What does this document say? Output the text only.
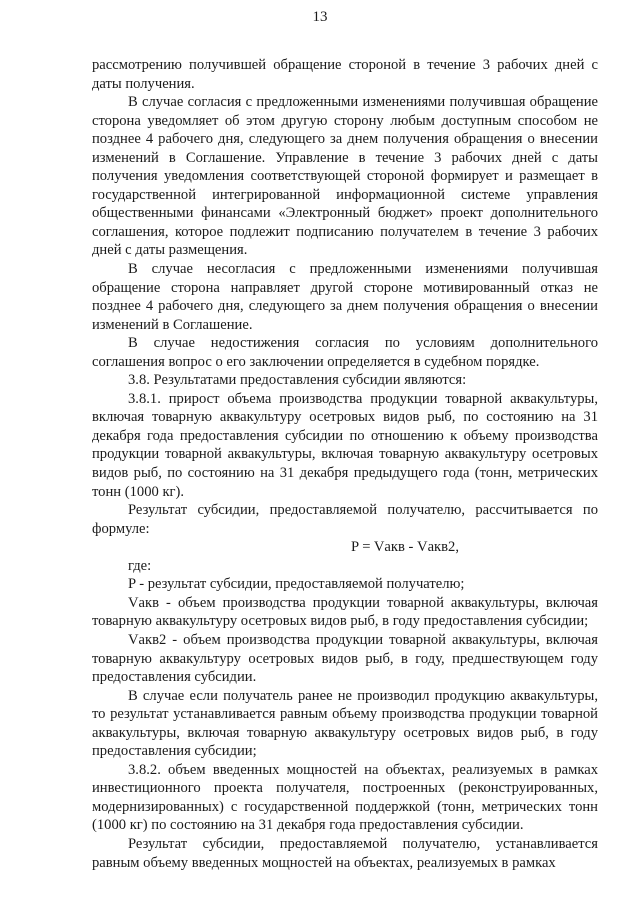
13

рассмотрению получившей обращение стороной в течение 3 рабочих дней с даты получения.

В случае согласия с предложенными изменениями получившая обращение сторона уведомляет об этом другую сторону любым доступным способом не позднее 4 рабочего дня, следующего за днем получения обращения о внесении изменений в Соглашение. Управление в течение 3 рабочих дней с даты получения уведомления соответствующей стороной формирует и размещает в государственной интегрированной информационной системе управления общественными финансами «Электронный бюджет» проект дополнительного соглашения, которое подлежит подписанию получателем в течение 3 рабочих дней с даты размещения.

В случае несогласия с предложенными изменениями получившая обращение сторона направляет другой стороне мотивированный отказ не позднее 4 рабочего дня, следующего за днем получения обращения о внесении изменений в Соглашение.

В случае недостижения согласия по условиям дополнительного соглашения вопрос о его заключении определяется в судебном порядке.

3.8. Результатами предоставления субсидии являются:

3.8.1. прирост объема производства продукции товарной аквакультуры, включая товарную аквакультуру осетровых видов рыб, по состоянию на 31 декабря года предоставления субсидии по отношению к объему производства продукции товарной аквакультуры, включая товарную аквакультуру осетровых видов рыб, по состоянию на 31 декабря предыдущего года (тонн, метрических тонн (1000 кг).

Результат субсидии, предоставляемой получателю, рассчитывается по формуле:

P = Vакв - Vакв2,

где:

P - результат субсидии, предоставляемой получателю;

Vакв - объем производства продукции товарной аквакультуры, включая товарную аквакультуру осетровых видов рыб, в году предоставления субсидии;

Vакв2 - объем производства продукции товарной аквакультуры, включая товарную аквакультуру осетровых видов рыб, в году, предшествующем году предоставления субсидии.

В случае если получатель ранее не производил продукцию аквакультуры, то результат устанавливается равным объему производства продукции товарной аквакультуры, включая товарную аквакультуру осетровых видов рыб, в году предоставления субсидии;

3.8.2. объем введенных мощностей на объектах, реализуемых в рамках инвестиционного проекта получателя, построенных (реконструированных, модернизированных) с государственной поддержкой (тонн, метрических тонн (1000 кг) по состоянию на 31 декабря года предоставления субсидии.

Результат субсидии, предоставляемой получателю, устанавливается равным объему введенных мощностей на объектах, реализуемых в рамках
